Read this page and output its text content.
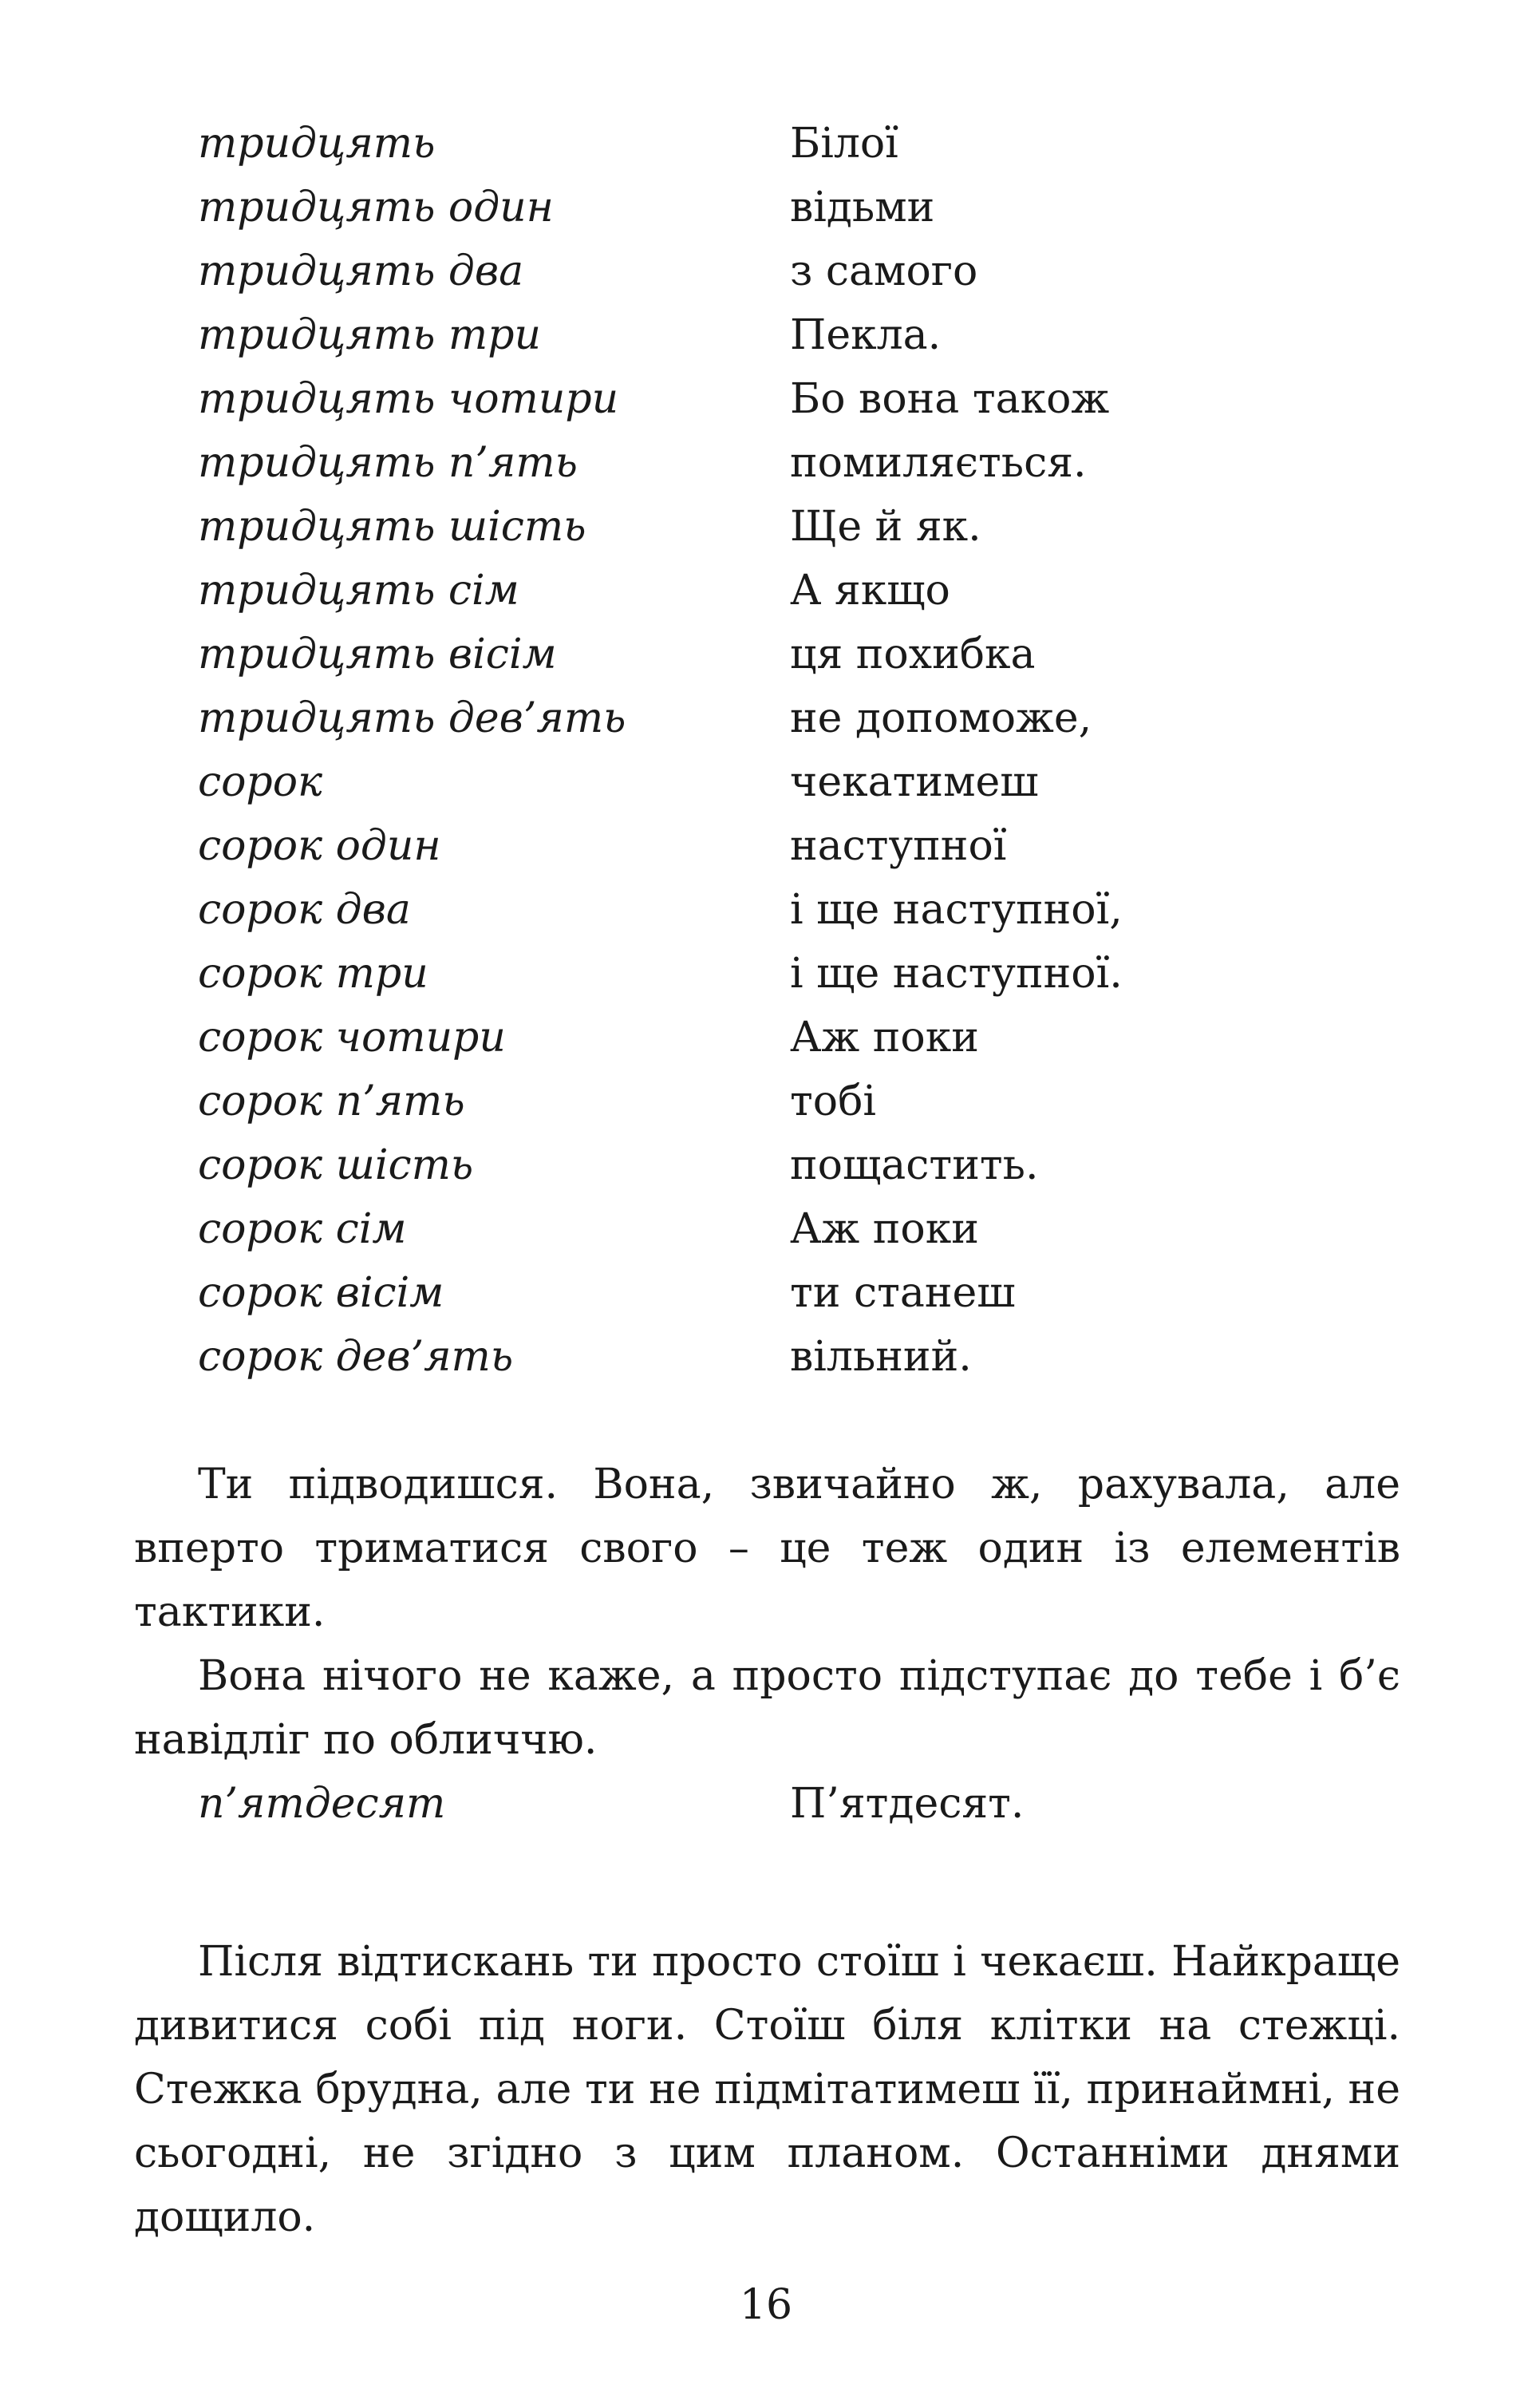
тридцять	Білої
тридцять один	відьми
тридцять два	з самого
тридцять три	Пекла.
тридцять чотири	Бо вона також
тридцять п’ять	помиляється.
тридцять шість	Ще й як.
тридцять сім	А якщо
тридцять вісім	ця похибка
тридцять дев’ять	не допоможе,
сорок	чекатимеш
сорок один	наступної
сорок два	і ще наступної,
сорок три	і ще наступної.
сорок чотири	Аж поки
сорок п’ять	тобі
сорок шість	пощастить.
сорок сім	Аж поки
сорок вісім	ти станеш
сорок дев’ять	вільний.

Ти підводишся. Вона, звичайно ж, рахувала, але вперто триматися свого – це теж один із елементів тактики.

Вона нічого не каже, а просто підступає до тебе і б’є навідліг по обличчю.

п’ятдесят	П’ятдесят.

Після відтискань ти просто стоїш і чекаєш. Найкраще дивитися собі під ноги. Стоїш біля клітки на стежці. Стежка брудна, але ти не підмітатимеш її, принаймні, не сьогодні, не згідно з цим планом. Останніми днями дощило.

16
